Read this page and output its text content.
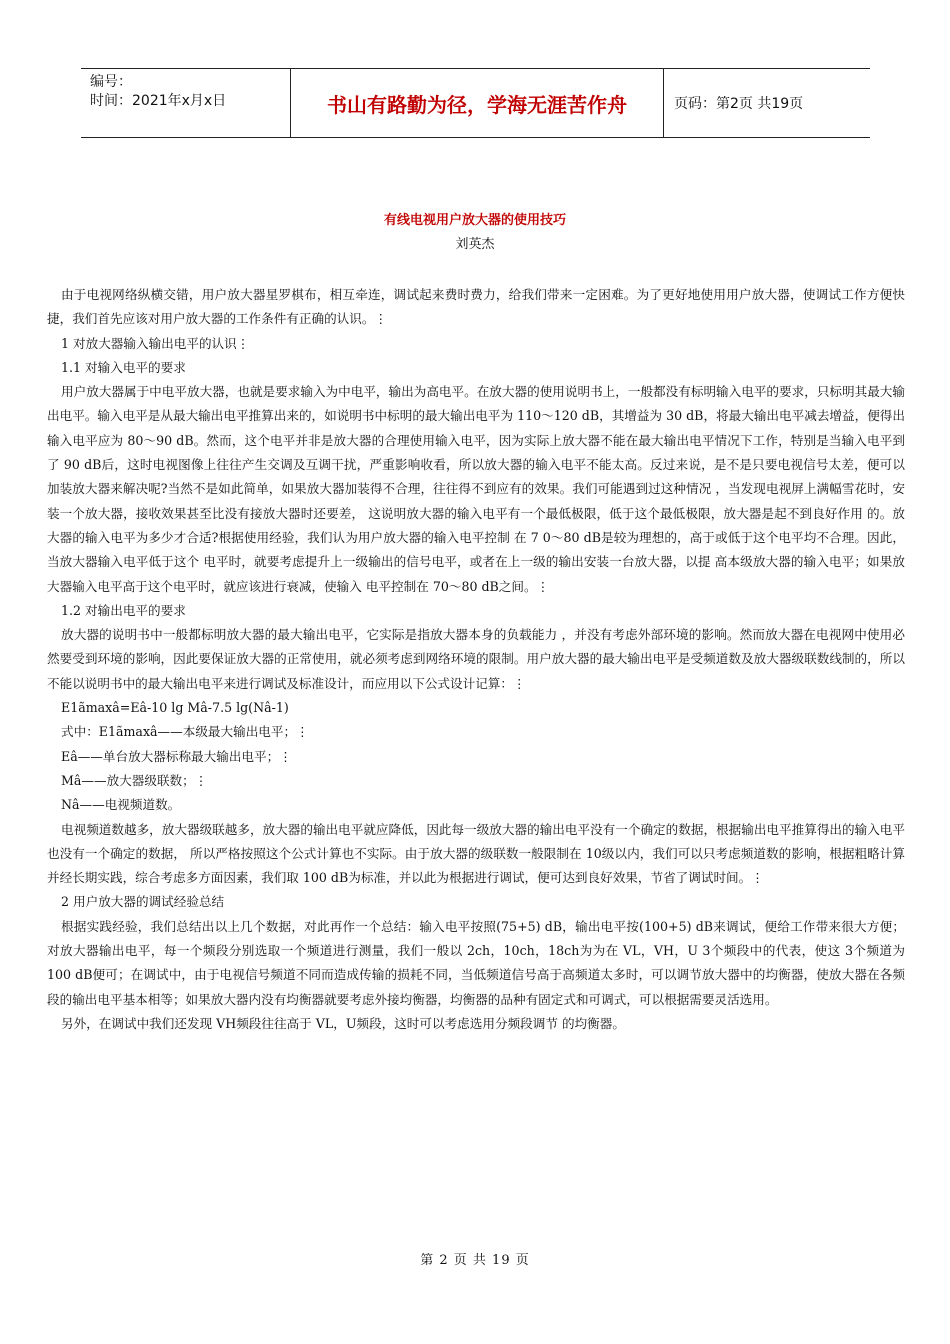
编号：
时间：2021年x月x日	书山有路勤为径，学海无涯苦作舟	页码：第2页 共19页
有线电视用户放大器的使用技巧
刘英杰

由于电视网络纵横交错，用户放大器星罗棋布，相互牵连，调试起来费时费力，给我们带来一定困难。为了更好地使用用户放大器，使调试工作方便快捷，我们首先应该对用户放大器的工作条件有正确的认识。⋮

1 对放大器输入输出电平的认识⋮

1.1 对输入电平的要求

用户放大器属于中电平放大器，也就是要求输入为中电平，输出为高电平。在放大器的使用说明书上，一般都没有标明输入电平的要求，只标明其最大输出电平。输入电平是从最大输出电平推算出来的，如说明书中标明的最大输出电平为 110～120 dB，其增益为 30 dB，将最大输出电平减去增益，便得出输入电平应为 80～90 dB。然而，这个电平并非是放大器的合理使用输入电平，因为实际上放大器不能在最大输出电平情况下工作，特别是当输入电平到了 90 dB后，这时电视图像上往往产生交调及互调干扰，严重影响收看，所以放大器的输入电平不能太高。反过来说，是不是只要电视信号太差，便可以加装放大器来解决呢?当然不是如此简单，如果放大器加装得不合理，往往得不到应有的效果。我们可能遇到过这种情况 ，当发现电视屏上满幅雪花时，安装一个放大器，接收效果甚至比没有接放大器时还要差， 这说明放大器的输入电平有一个最低极限，低于这个最低极限，放大器是起不到良好作用 的。放大器的输入电平为多少才合适?根据使用经验，我们认为用户放大器的输入电平控制 在 7 0～80 dB是较为理想的，高于或低于这个电平均不合理。因此，当放大器输入电平低于这个 电平时，就要考虑提升上一级输出的信号电平，或者在上一级的输出安装一台放大器，以提 高本级放大器的输入电平；如果放大器输入电平高于这个电平时，就应该进行衰减，使输入 电平控制在 70～80 dB之间。⋮

1.2 对输出电平的要求

放大器的说明书中一般都标明放大器的最大输出电平，它实际是指放大器本身的负载能力 ，并没有考虑外部环境的影响。然而放大器在电视网中使用必然要受到环境的影响，因此要保证放大器的正常使用，就必须考虑到网络环境的限制。用户放大器的最大输出电平是受频道数及放大器级联数线制的，所以不能以说明书中的最大输出电平来进行调试及标准设计，而应用以下公式设计记算：⋮

E1ãmaxâ=Eâ-10 lg Mâ-7.5 lg(Nâ-1)

式中：E1ãmaxâ——本级最大输出电平；⋮

Eâ——单台放大器标称最大输出电平；⋮

Mâ——放大器级联数；⋮

Nâ——电视频道数。

电视频道数越多，放大器级联越多，放大器的输出电平就应降低，因此每一级放大器的输出电平没有一个确定的数据，根据输出电平推算得出的输入电平也没有一个确定的数据， 所以严格按照这个公式计算也不实际。由于放大器的级联数一般限制在 10级以内，我们可以只考虑频道数的影响，根据粗略计算并经长期实践，综合考虑多方面因素，我们取 100 dB为标准，并以此为根据进行调试，便可达到良好效果，节省了调试时间。⋮

2 用户放大器的调试经验总结

根据实践经验，我们总结出以上几个数据，对此再作一个总结：输入电平按照(75+5) dB，输出电平按(100+5) dB来调试，便给工作带来很大方便； 对放大器输出电平，每一个频段分别选取一个频道进行测量，我们一般以 2ch，10ch，18ch为为在 VL，VH，U 3个频段中的代表，使这 3个频道为 100 dB便可；在调试中，由于电视信号频道不同而造成传输的损耗不同，当低频道信号高于高频道太多时，可以调节放大器中的均衡器，使放大器在各频段的输出电平基本相等；如果放大器内没有均衡器就要考虑外接均衡器，均衡器的品种有固定式和可调式，可以根据需要灵活选用。

另外，在调试中我们还发现 VH频段往往高于 VL，U频段，这时可以考虑选用分频段调节 的均衡器。

第 2 页 共 19 页
